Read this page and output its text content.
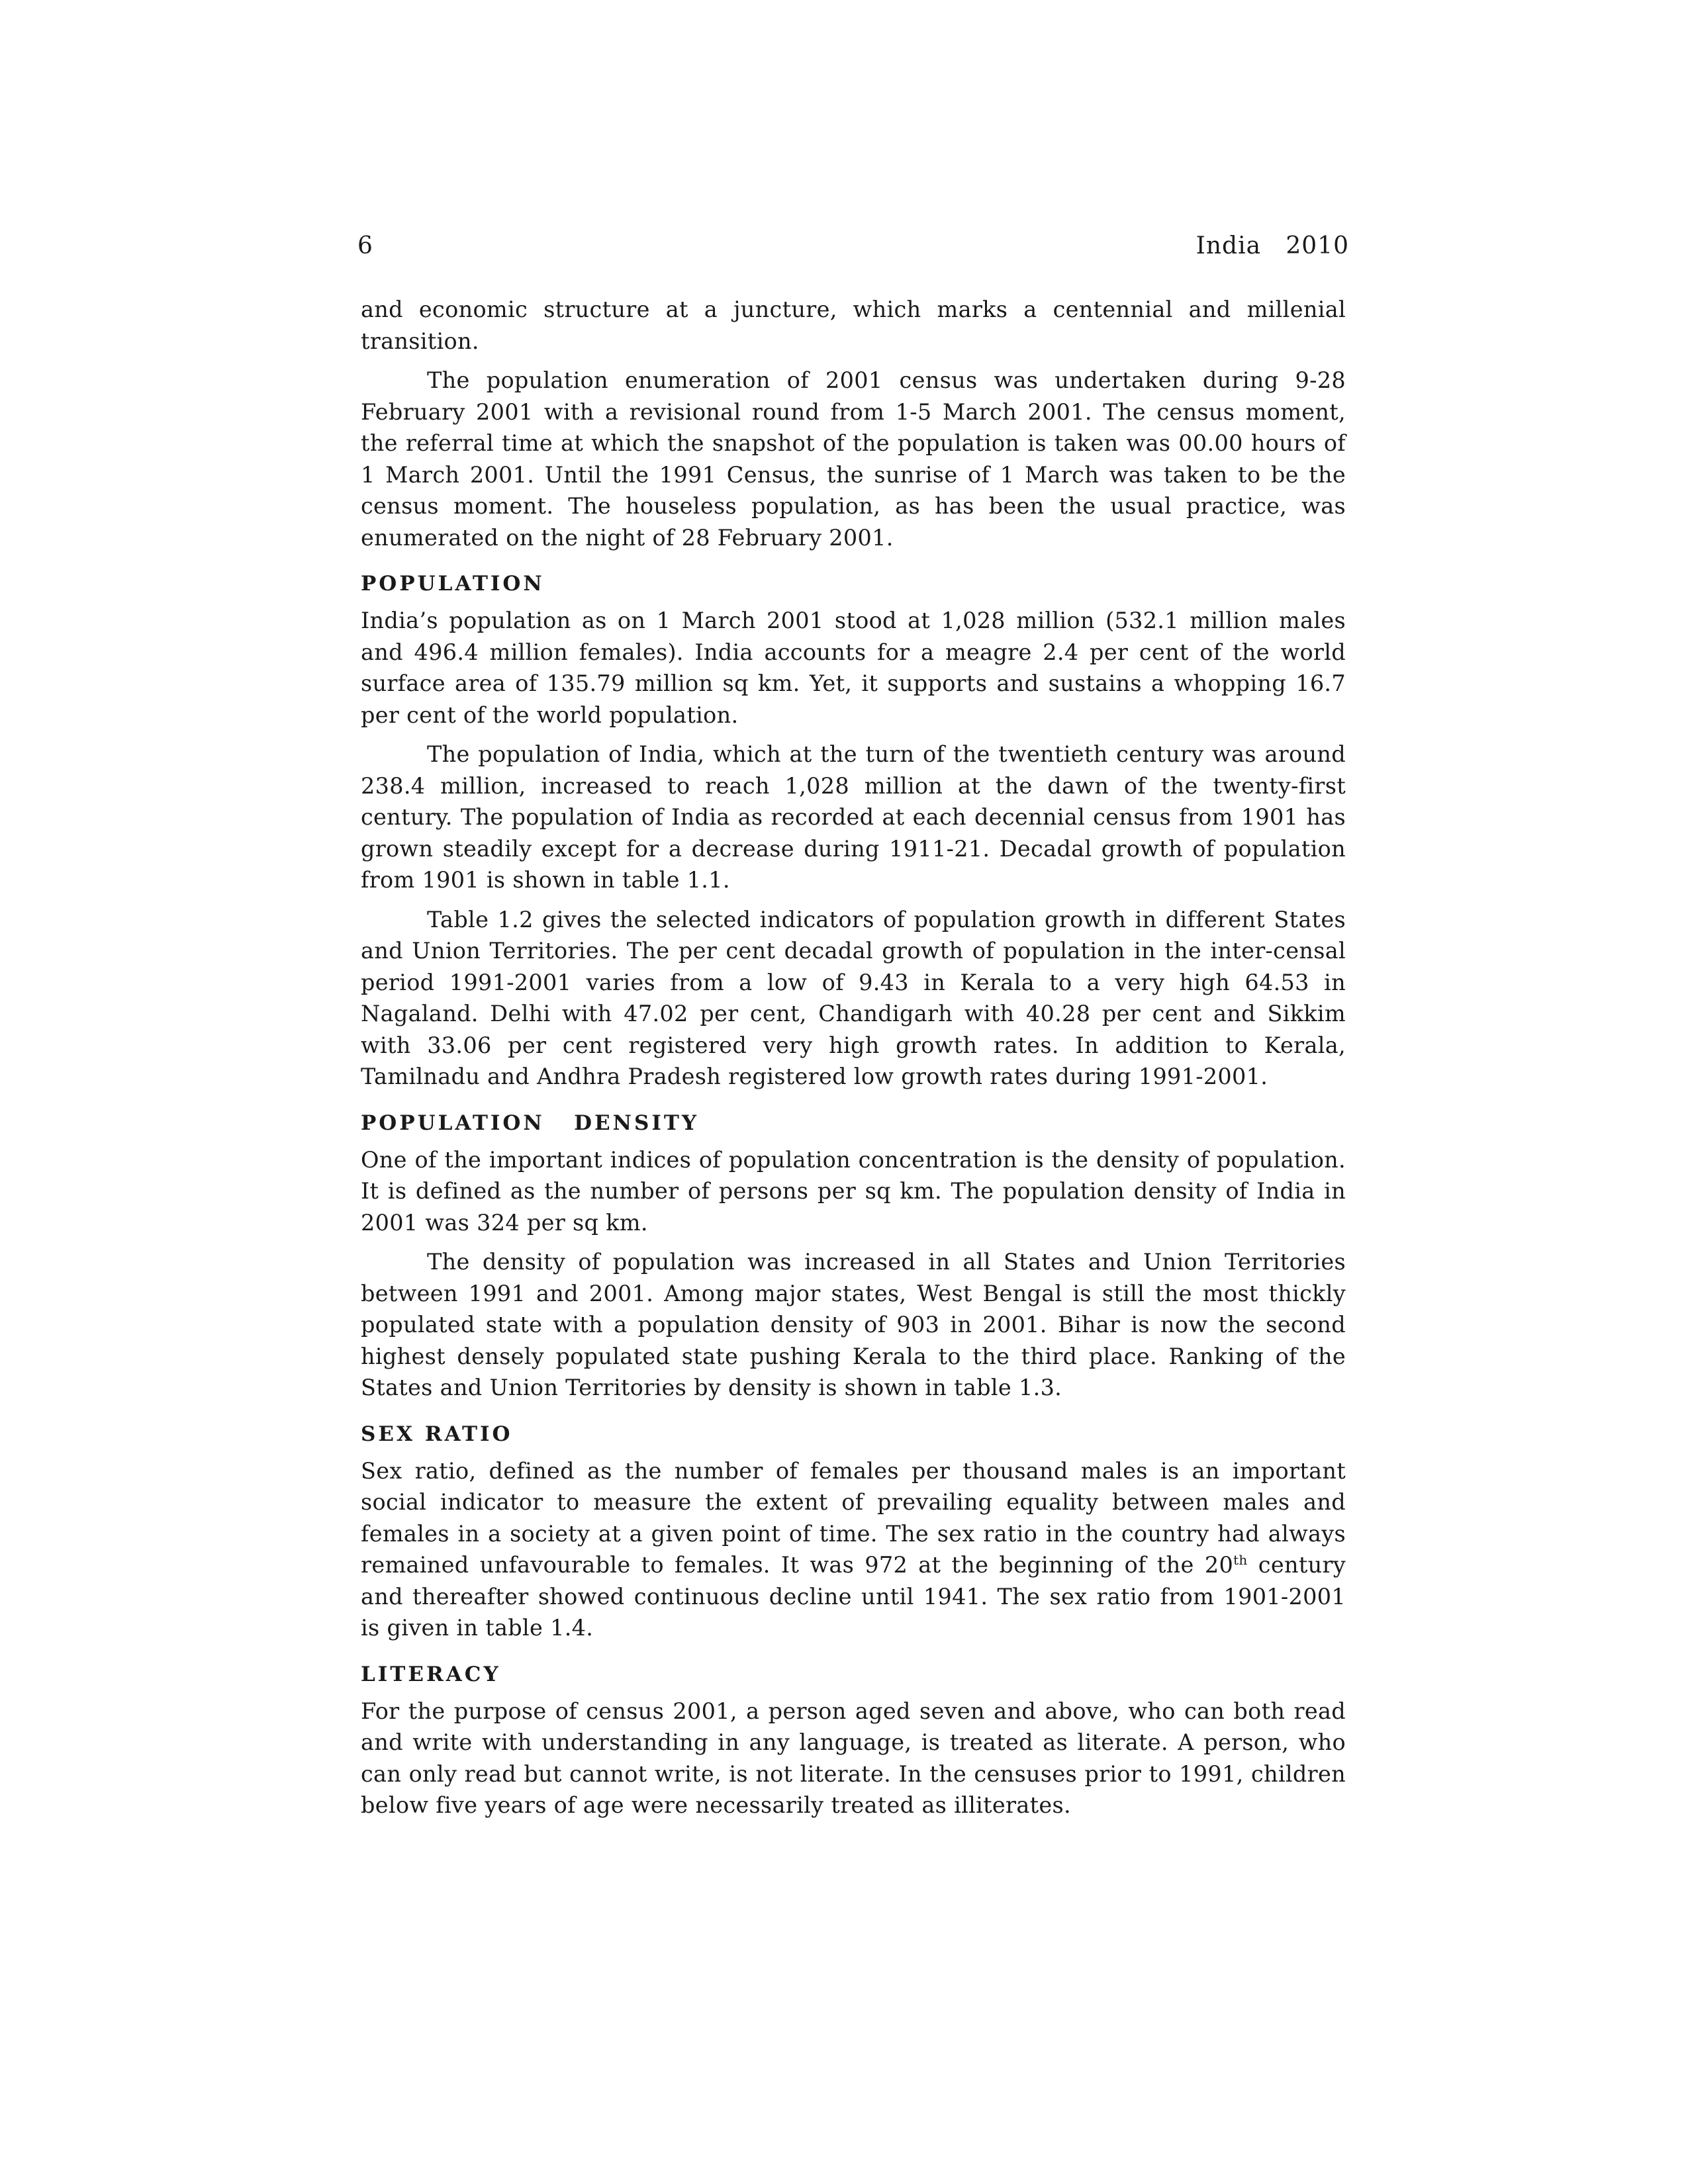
6	India   2010

and economic structure at a juncture, which marks a centennial and millenial transition.

The population enumeration of 2001 census was undertaken during 9-28 February 2001 with a revisional round from 1-5 March 2001. The census moment, the referral time at which the snapshot of the population is taken was 00.00 hours of 1 March 2001. Until the 1991 Census, the sunrise of 1 March was taken to be the census moment. The houseless population, as has been the usual practice, was enumerated on the night of 28 February 2001.

POPULATION

India’s population as on 1 March 2001 stood at 1,028 million (532.1 million males and 496.4 million females). India accounts for a meagre 2.4 per cent of the world surface area of 135.79 million sq km. Yet, it supports and sustains a whopping 16.7 per cent of the world population.

The population of India, which at the turn of the twentieth century was around 238.4 million, increased to reach 1,028 million at the dawn of the twenty-first century. The population of India as recorded at each decennial census from 1901 has grown steadily except for a decrease during 1911-21. Decadal growth of population from 1901 is shown in table 1.1.

Table 1.2 gives the selected indicators of population growth in different States and Union Territories. The per cent decadal growth of population in the inter-censal period 1991-2001 varies from a low of 9.43 in Kerala to a very high 64.53 in Nagaland. Delhi with 47.02 per cent, Chandigarh with 40.28 per cent and Sikkim with 33.06 per cent registered very high growth rates. In addition to Kerala, Tamilnadu and Andhra Pradesh registered low growth rates during 1991-2001.

POPULATION   DENSITY

One of the important indices of population concentration is the density of population. It is defined as the number of persons per sq km. The population density of India in 2001 was 324 per sq km.

The density of population was increased in all States and Union Territories between 1991 and 2001. Among major states, West Bengal is still the most thickly populated state with a population density of 903 in 2001. Bihar is now the second highest densely populated state pushing Kerala to the third place. Ranking of the States and Union Territories by density is shown in table 1.3.

SEX RATIO

Sex ratio, defined as the number of females per thousand males is an important social indicator to measure the extent of prevailing equality between males and females in a society at a given point of time. The sex ratio in the country had always remained unfavourable to females. It was 972 at the beginning of the 20th century and thereafter showed continuous decline until 1941. The sex ratio from 1901-2001 is given in table 1.4.

LITERACY

For the purpose of census 2001, a person aged seven and above, who can both read and write with understanding in any language, is treated as literate. A person, who can only read but cannot write, is not literate. In the censuses prior to 1991, children below five years of age were necessarily treated as illiterates.
